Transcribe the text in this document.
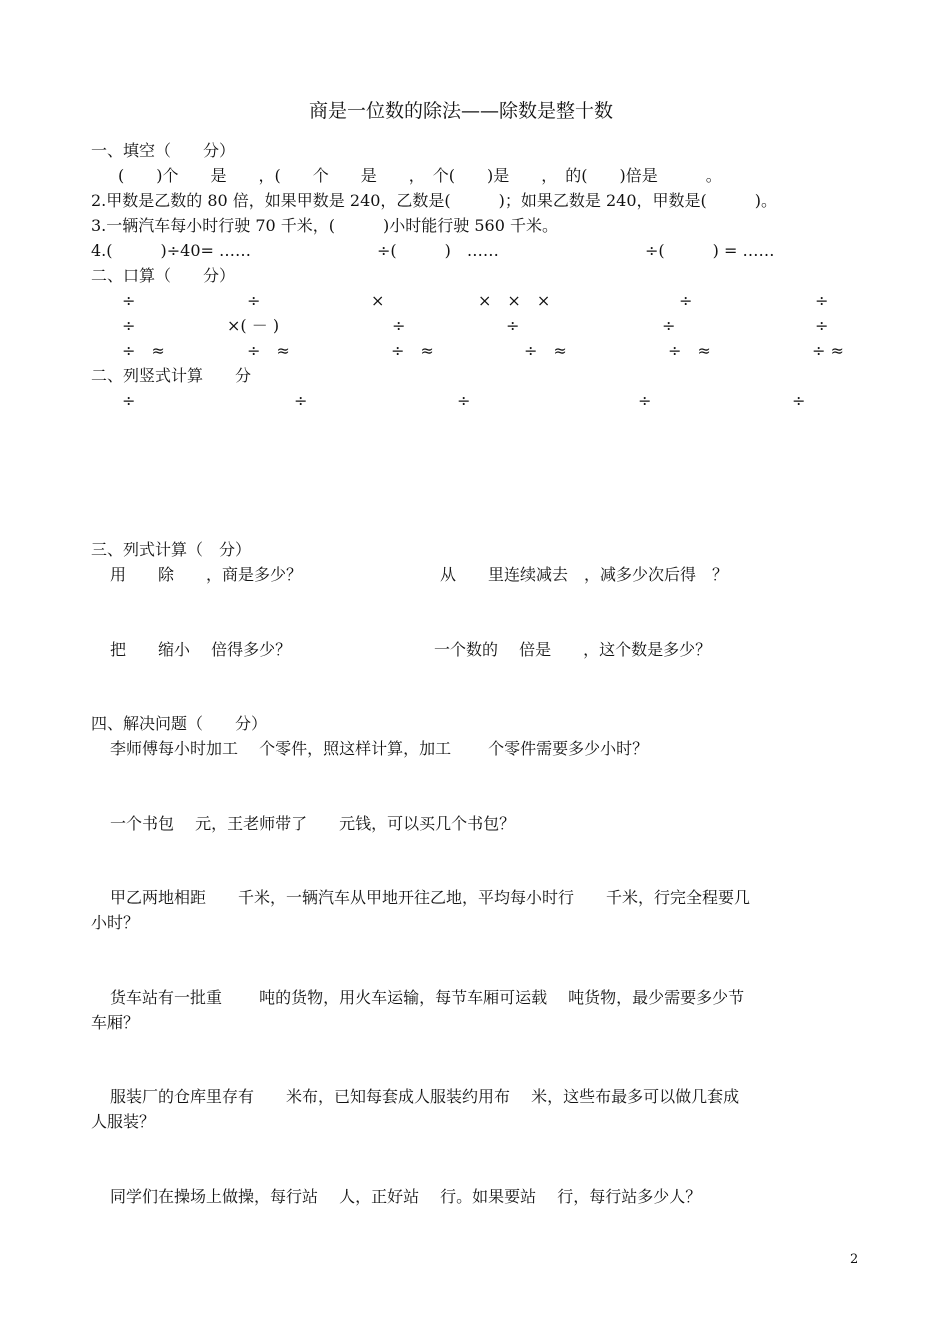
商是一位数的除法——除数是整十数
一、填空（　　分）
(　　)个　　是　　，(　　个　　是　　，　个(　　)是　　，　的(　　)倍是　　　。
2.甲数是乙数的 80 倍，如果甲数是 240，乙数是(　　　)；如果乙数是 240，甲数是(　　　)。
3.一辆汽车每小时行驶 70 千米，(　　　)小时能行驶 560 千米。
4.(　　　)÷40= ……	÷(　　　)　……	÷(　　　) = ……
二、口算（　　分）
÷	÷	×	×　×　×	÷	÷
÷	×( － )	÷	÷	÷	÷
÷　≈	÷　≈	÷　≈	÷　≈	÷　≈	÷ ≈
二、列竖式计算　　分
÷	÷	÷	÷	÷
三、列式计算（　分）
用　　除　　，商是多少？	从　　里连续减去　，减多少次后得　？
把　　缩小　 倍得多少？	一个数的　 倍是　　，这个数是多少？
四、解决问题（　　分）
李师傅每小时加工　 个零件，照这样计算，加工　　 个零件需要多少小时？
一个书包　 元，王老师带了　　元钱，可以买几个书包？
甲乙两地相距　　千米，一辆汽车从甲地开往乙地，平均每小时行　　千米，行完全程要几
小时？
货车站有一批重　　 吨的货物，用火车运输，每节车厢可运载　 吨货物，最少需要多少节
车厢？
服装厂的仓库里存有　　米布，已知每套成人服装约用布　 米，这些布最多可以做几套成
人服装？
同学们在操场上做操，每行站　 人，正好站　 行。如果要站　 行，每行站多少人？
2
